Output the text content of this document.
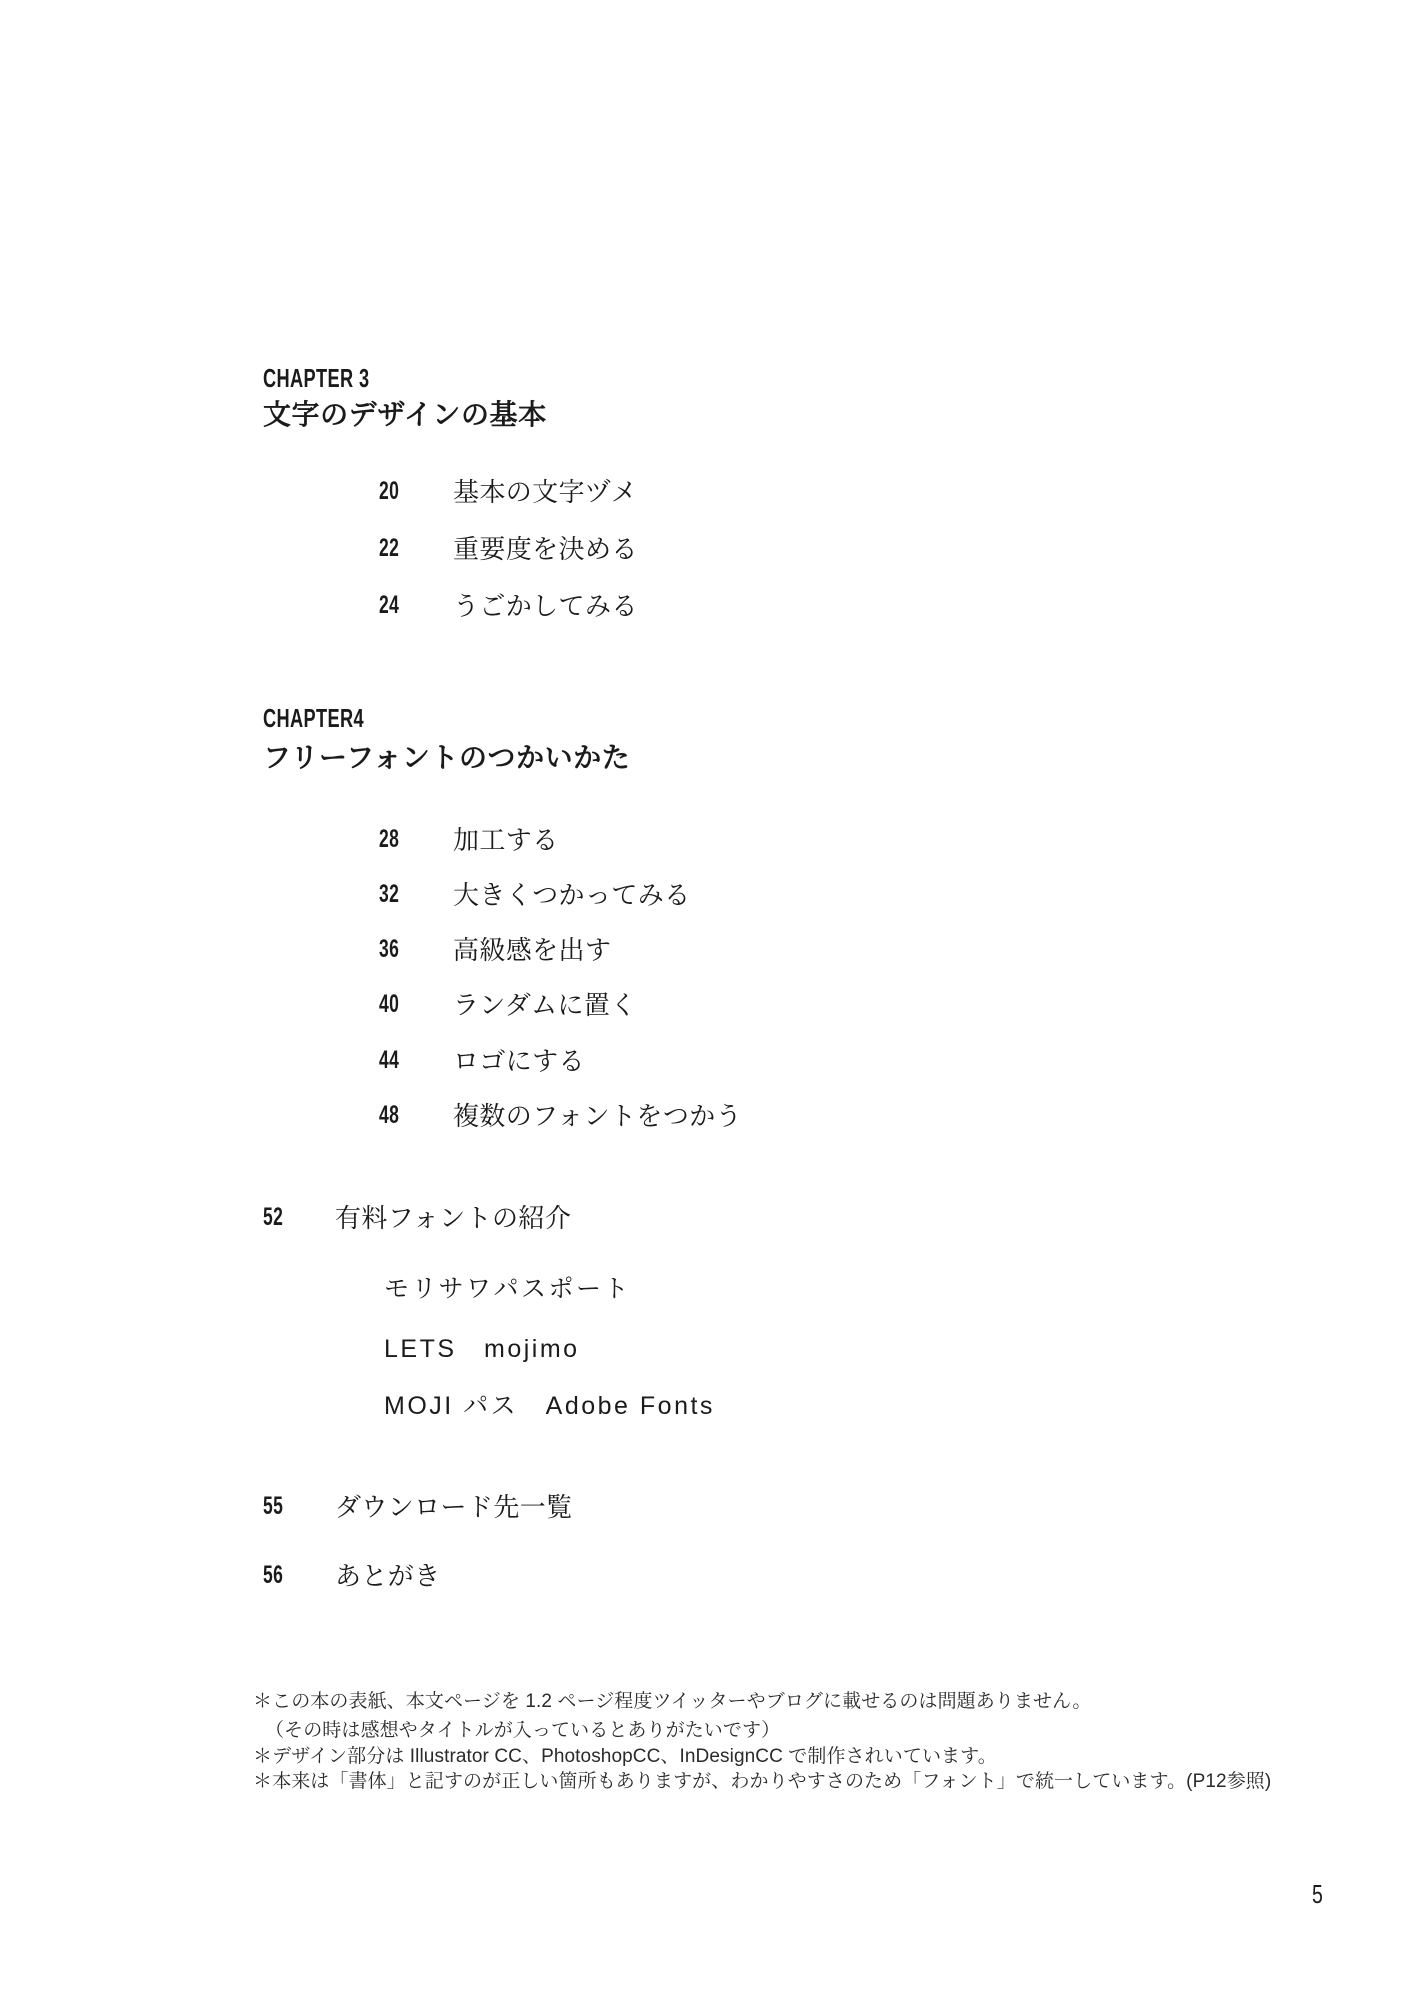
CHAPTER 3
文字のデザインの基本
20	基本の文字ヅメ
22	重要度を決める
24	うごかしてみる
CHAPTER4
フリーフォントのつかいかた
28	加工する
32	大きくつかってみる
36	高級感を出す
40	ランダムに置く
44	ロゴにする
48	複数のフォントをつかう
52	有料フォントの紹介
モリサワパスポート
LETS　mojimo
MOJI パス　Adobe Fonts
55	ダウンロード先一覧
56	あとがき
＊この本の表紙、本文ページを 1.2 ページ程度ツイッターやブログに載せるのは問題ありません。
（その時は感想やタイトルが入っているとありがたいです）
＊デザイン部分は Illustrator CC、PhotoshopCC、InDesignCC で制作されいています。
＊本来は「書体」と記すのが正しい箇所もありますが、わかりやすさのため「フォント」で統一しています。(P12参照)
5
